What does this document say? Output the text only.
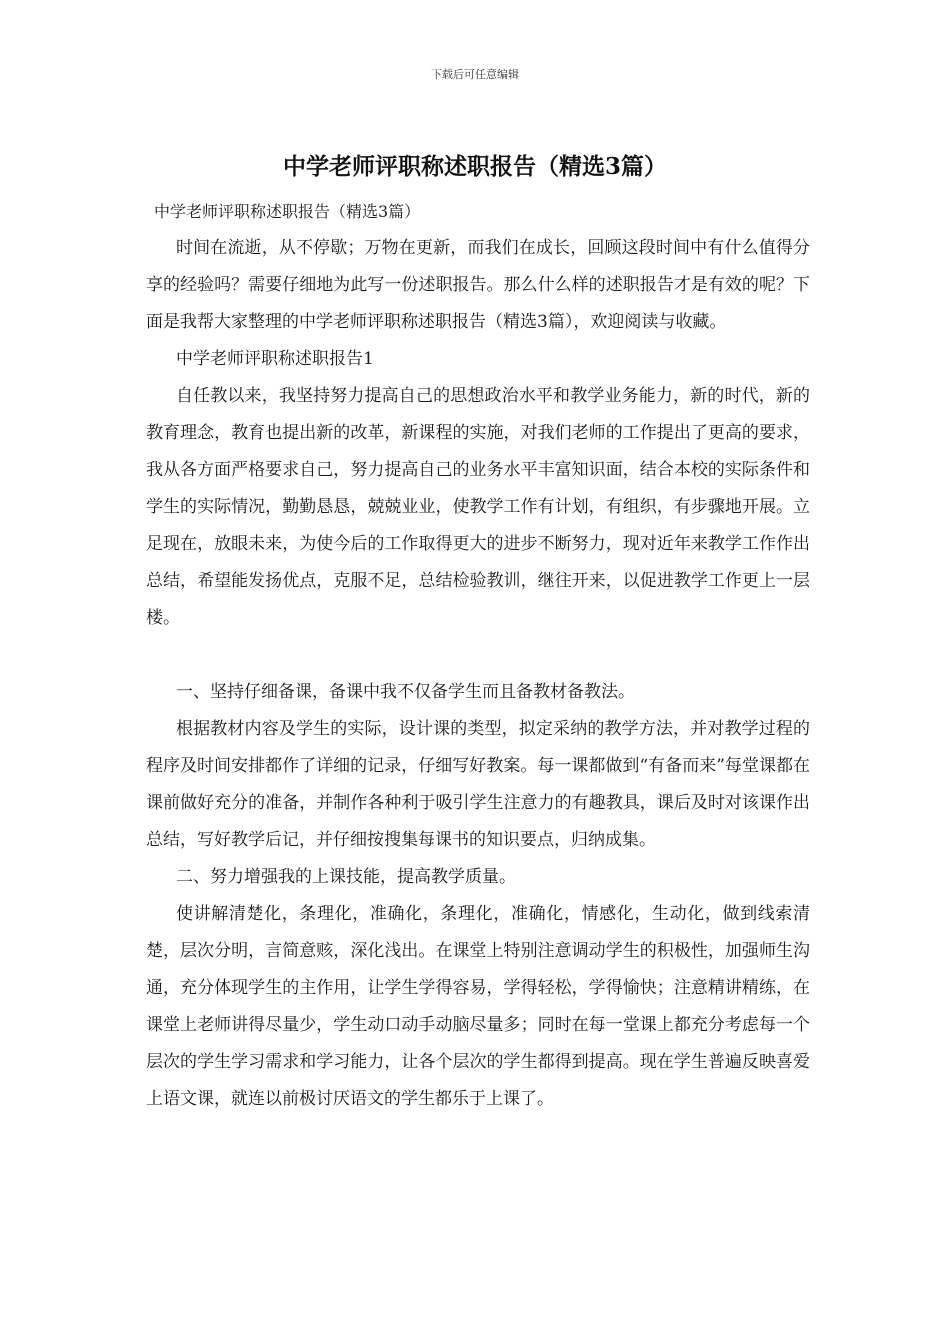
下载后可任意编辑
中学老师评职称述职报告（精选3篇）

中学老师评职称述职报告（精选3篇）

时间在流逝，从不停歇；万物在更新，而我们在成长，回顾这段时间中有什么值得分享的经验吗？需要仔细地为此写一份述职报告。那么什么样的述职报告才是有效的呢？下面是我帮大家整理的中学老师评职称述职报告（精选3篇），欢迎阅读与收藏。

中学老师评职称述职报告1

自任教以来，我坚持努力提高自己的思想政治水平和教学业务能力，新的时代，新的教育理念，教育也提出新的改革，新课程的实施，对我们老师的工作提出了更高的要求，我从各方面严格要求自己，努力提高自己的业务水平丰富知识面，结合本校的实际条件和学生的实际情况，勤勤恳恳，兢兢业业，使教学工作有计划，有组织，有步骤地开展。立足现在，放眼未来，为使今后的工作取得更大的进步不断努力，现对近年来教学工作作出总结，希望能发扬优点，克服不足，总结检验教训，继往开来，以促进教学工作更上一层楼。

一、坚持仔细备课，备课中我不仅备学生而且备教材备教法。

根据教材内容及学生的实际，设计课的类型，拟定采纳的教学方法，并对教学过程的程序及时间安排都作了详细的记录，仔细写好教案。每一课都做到“有备而来”每堂课都在课前做好充分的准备，并制作各种利于吸引学生注意力的有趣教具，课后及时对该课作出总结，写好教学后记，并仔细按搜集每课书的知识要点，归纳成集。

二、努力增强我的上课技能，提高教学质量。

使讲解清楚化，条理化，准确化，条理化，准确化，情感化，生动化，做到线索清楚，层次分明，言简意赅，深化浅出。在课堂上特别注意调动学生的积极性，加强师生沟通，充分体现学生的主作用，让学生学得容易，学得轻松，学得愉快；注意精讲精练，在课堂上老师讲得尽量少，学生动口动手动脑尽量多；同时在每一堂课上都充分考虑每一个层次的学生学习需求和学习能力，让各个层次的学生都得到提高。现在学生普遍反映喜爱上语文课，就连以前极讨厌语文的学生都乐于上课了。
